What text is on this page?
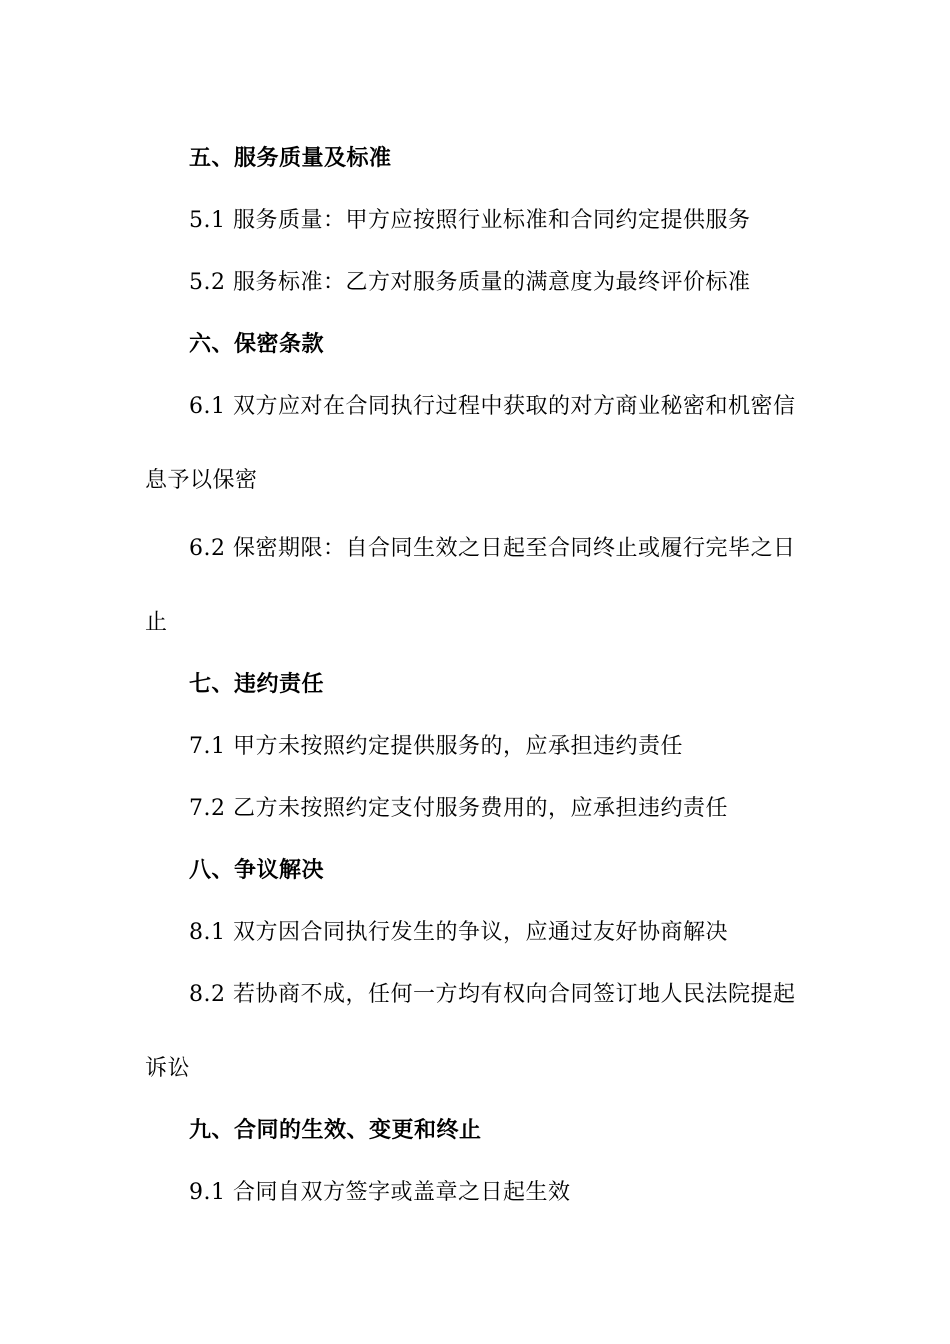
五、服务质量及标准

5.1 服务质量：甲方应按照行业标准和合同约定提供服务

5.2 服务标准：乙方对服务质量的满意度为最终评价标准

六、保密条款

6.1 双方应对在合同执行过程中获取的对方商业秘密和机密信息予以保密

6.2 保密期限：自合同生效之日起至合同终止或履行完毕之日止

七、违约责任

7.1 甲方未按照约定提供服务的，应承担违约责任

7.2 乙方未按照约定支付服务费用的，应承担违约责任

八、争议解决

8.1 双方因合同执行发生的争议，应通过友好协商解决

8.2 若协商不成，任何一方均有权向合同签订地人民法院提起诉讼

九、合同的生效、变更和终止

9.1 合同自双方签字或盖章之日起生效
